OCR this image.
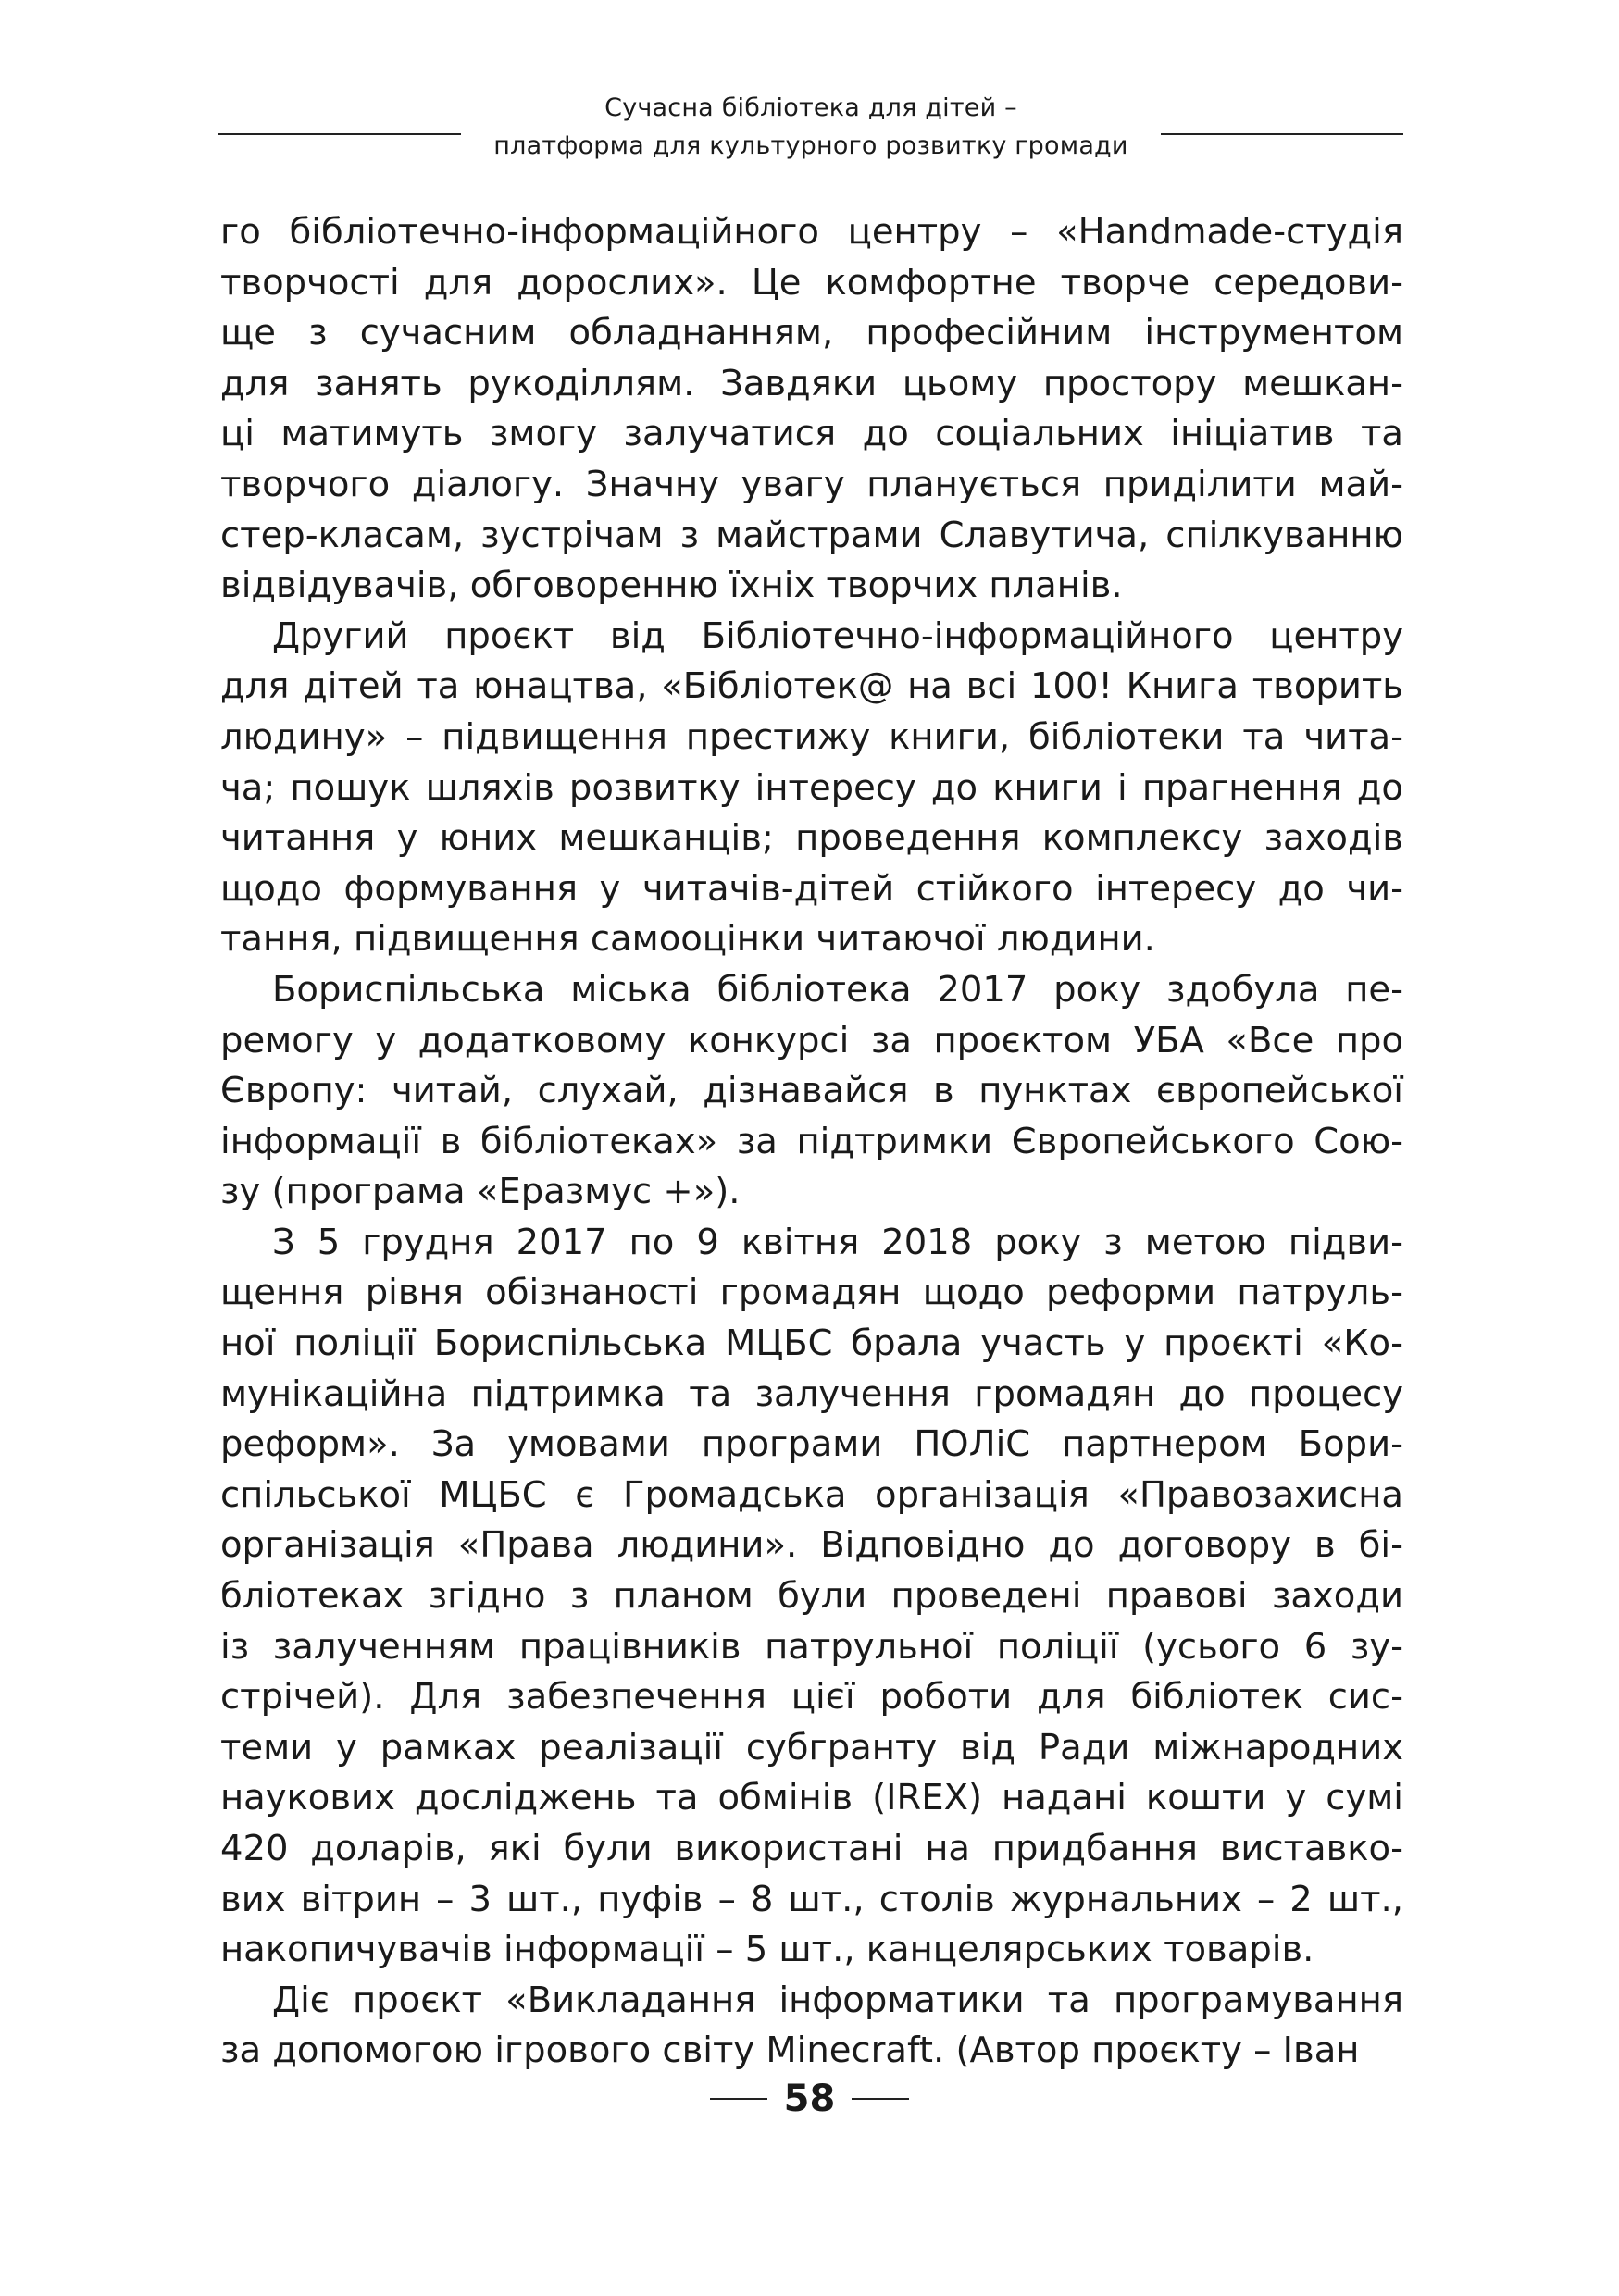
Сучасна бібліотека для дітей –
платформа для культурного розвитку громади
го бібліотечно-інформаційного центру – «Handmade-студія
творчості для дорослих». Це комфортне творче середови-
ще з сучасним обладнанням, професійним інструментом
для занять рукоділлям. Завдяки цьому простору мешкан-
ці матимуть змогу залучатися до соціальних ініціатив та
творчого діалогу. Значну увагу планується приділити май-
стер-класам, зустрічам з майстрами Славутича, спілкуванню
відвідувачів, обговоренню їхніх творчих планів.
Другий проєкт від Бібліотечно-інформаційного центру
для дітей та юнацтва, «Бібліотек@ на всі 100! Книга творить
людину» – підвищення престижу книги, бібліотеки та чита-
ча; пошук шляхів розвитку інтересу до книги і прагнення до
читання у юних мешканців; проведення комплексу заходів
щодо формування у читачів-дітей стійкого інтересу до чи-
тання, підвищення самооцінки читаючої людини.
Бориспільська міська бібліотека 2017 року здобула пе-
ремогу у додатковому конкурсі за проєктом УБА «Все про
Європу: читай, слухай, дізнавайся в пунктах європейської
інформації в бібліотеках» за підтримки Європейського Сою-
зу (програма «Еразмус +»).
З 5 грудня 2017 по 9 квітня 2018 року з метою підви-
щення рівня обізнаності громадян щодо реформи патруль-
ної поліції Бориспільська МЦБС брала участь у проєкті «Ко-
мунікаційна підтримка та залучення громадян до процесу
реформ». За умовами програми ПОЛіС партнером Бори-
спільської МЦБС є Громадська організація «Правозахисна
організація «Права людини». Відповідно до договору в бі-
бліотеках згідно з планом були проведені правові заходи
із залученням працівників патрульної поліції (усього 6 зу-
стрічей). Для забезпечення цієї роботи для бібліотек сис-
теми у рамках реалізації субгранту від Ради міжнародних
наукових досліджень та обмінів (IREX) надані кошти у сумі
420 доларів, які були використані на придбання виставко-
вих вітрин – 3 шт., пуфів – 8 шт., столів журнальних – 2 шт.,
накопичувачів інформації – 5 шт., канцелярських товарів.
Діє проєкт «Викладання інформатики та програмування
за допомогою ігрового світу Minecraft. (Автор проєкту – Іван
58
